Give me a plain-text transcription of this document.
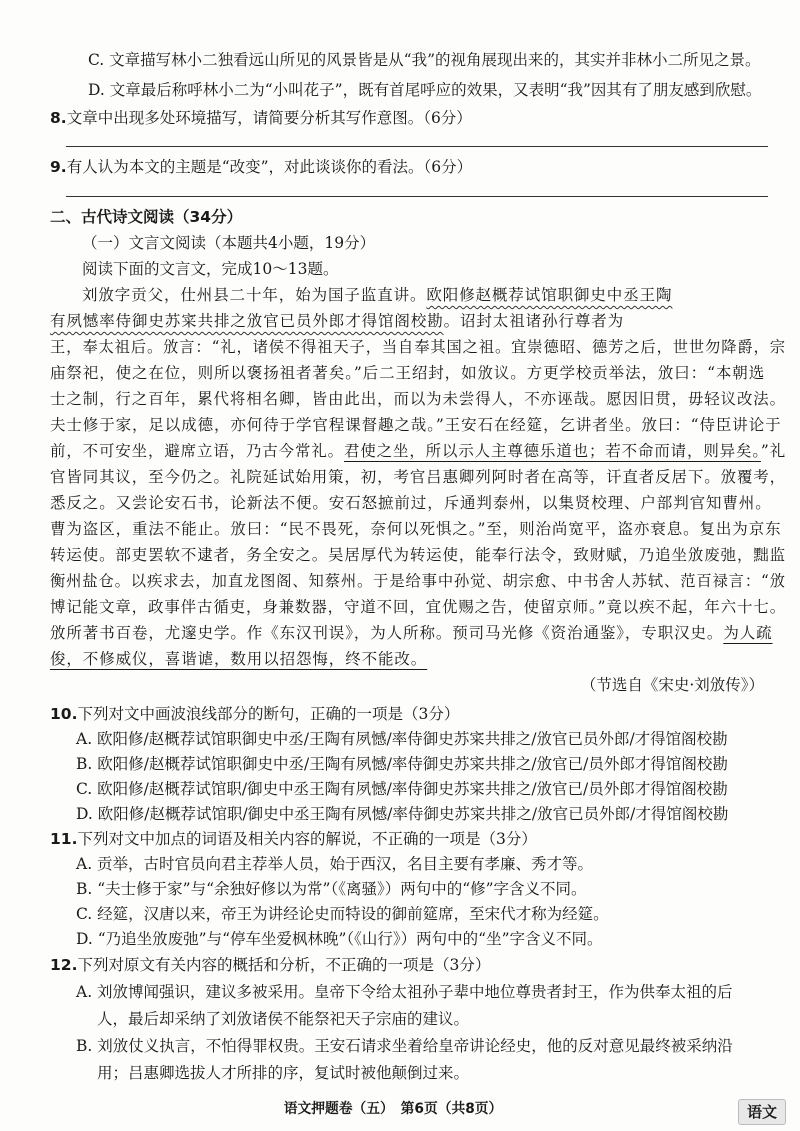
C. 文章描写林小二独看远山所见的风景皆是从“我”的视角展现出来的，其实并非林小二所见之景。
D. 文章最后称呼林小二为“小叫花子”，既有首尾呼应的效果，又表明“我”因其有了朋友感到欣慰。
8.文章中出现多处环境描写，请简要分析其写作意图。（6分）
9.有人认为本文的主题是“改变”，对此谈谈你的看法。（6分）
二、古代诗文阅读（34分）
（一）文言文阅读（本题共4小题，19分）
阅读下面的文言文，完成10～13题。
刘攽字贡父，仕州县二十年，始为国子监直讲。欧阳修赵概荐试馆职御史中丞王陶
有夙憾率侍御史苏寀共排之攽官已员外郎才得馆阁校勘。诏封太祖诸孙行尊者为
王，奉太祖后。攽言：“礼，诸侯不得祖天子，当自奉其国之祖。宜崇德昭、德芳之后，世世勿降爵，宗
庙祭祀，使之在位，则所以褒扬祖者著矣。”后二王绍封，如攽议。方更学校贡举法，攽曰：“本朝选
士之制，行之百年，累代将相名卿，皆由此出，而以为未尝得人，不亦诬哉。愿因旧贯，毋轻议改法。
夫士修于家，足以成德，亦何待于学官程课督趣之哉。”王安石在经筵，乞讲者坐。攽曰：“侍臣讲论于
前，不可安坐，避席立语，乃古今常礼。君使之坐，所以示人主尊德乐道也；若不命而请，则异矣。”礼
官皆同其议，至今仍之。礼院延试始用策，初，考官吕惠卿列阿时者在高等，讦直者反居下。攽覆考，
悉反之。又尝论安石书，论新法不便。安石怒摭前过，斥通判泰州，以集贤校理、户部判官知曹州。
曹为盗区，重法不能止。攽曰：“民不畏死，奈何以死惧之。”至，则治尚宽平，盗亦衰息。复出为京东
转运使。部吏罢软不逮者，务全安之。吴居厚代为转运使，能奉行法令，致财赋，乃追坐攽废弛，黜监
衡州盐仓。以疾求去，加直龙图阁、知蔡州。于是给事中孙觉、胡宗愈、中书舍人苏轼、范百禄言：“攽
博记能文章，政事伴古循吏，身兼数器，守道不回，宜优赐之告，使留京师。”竟以疾不起，年六十七。
攽所著书百卷，尤邃史学。作《东汉刊误》，为人所称。预司马光修《资治通鉴》，专职汉史。为人疏
俊，不修威仪，喜谐谑，数用以招怨悔，终不能改。
（节选自《宋史·刘攽传》）
10.下列对文中画波浪线部分的断句，正确的一项是（3分）
A. 欧阳修/赵概荐试馆职御史中丞/王陶有夙憾/率侍御史苏寀共排之/攽官已员外郎/才得馆阁校勘
B. 欧阳修/赵概荐试馆职御史中丞/王陶有夙憾/率侍御史苏寀共排之/攽官已/员外郎才得馆阁校勘
C. 欧阳修/赵概荐试馆职/御史中丞王陶有夙憾/率侍御史苏寀共排之/攽官已/员外郎才得馆阁校勘
D. 欧阳修/赵概荐试馆职/御史中丞王陶有夙憾/率侍御史苏寀共排之/攽官已员外郎/才得馆阁校勘
11.下列对文中加点的词语及相关内容的解说，不正确的一项是（3分）
A. 贡举，古时官员向君主荐举人员，始于西汉，名目主要有孝廉、秀才等。
B. “夫士修于家”与“余独好修以为常”（《离骚》）两句中的“修”字含义不同。
C. 经筵，汉唐以来，帝王为讲经论史而特设的御前筵席，至宋代才称为经筵。
D. “乃追坐攽废弛”与“停车坐爱枫林晚”（《山行》）两句中的“坐”字含义不同。
12.下列对原文有关内容的概括和分析，不正确的一项是（3分）
A. 刘攽博闻强识，建议多被采用。皇帝下令给太祖孙子辈中地位尊贵者封王，作为供奉太祖的后
人，最后却采纳了刘攽诸侯不能祭祀天子宗庙的建议。
B. 刘攽仗义执言，不怕得罪权贵。王安石请求坐着给皇帝讲论经史，他的反对意见最终被采纳沿
用；吕惠卿选拔人才所排的序，复试时被他颠倒过来。
语文押题卷（五）　第6页（共8页）	语文
